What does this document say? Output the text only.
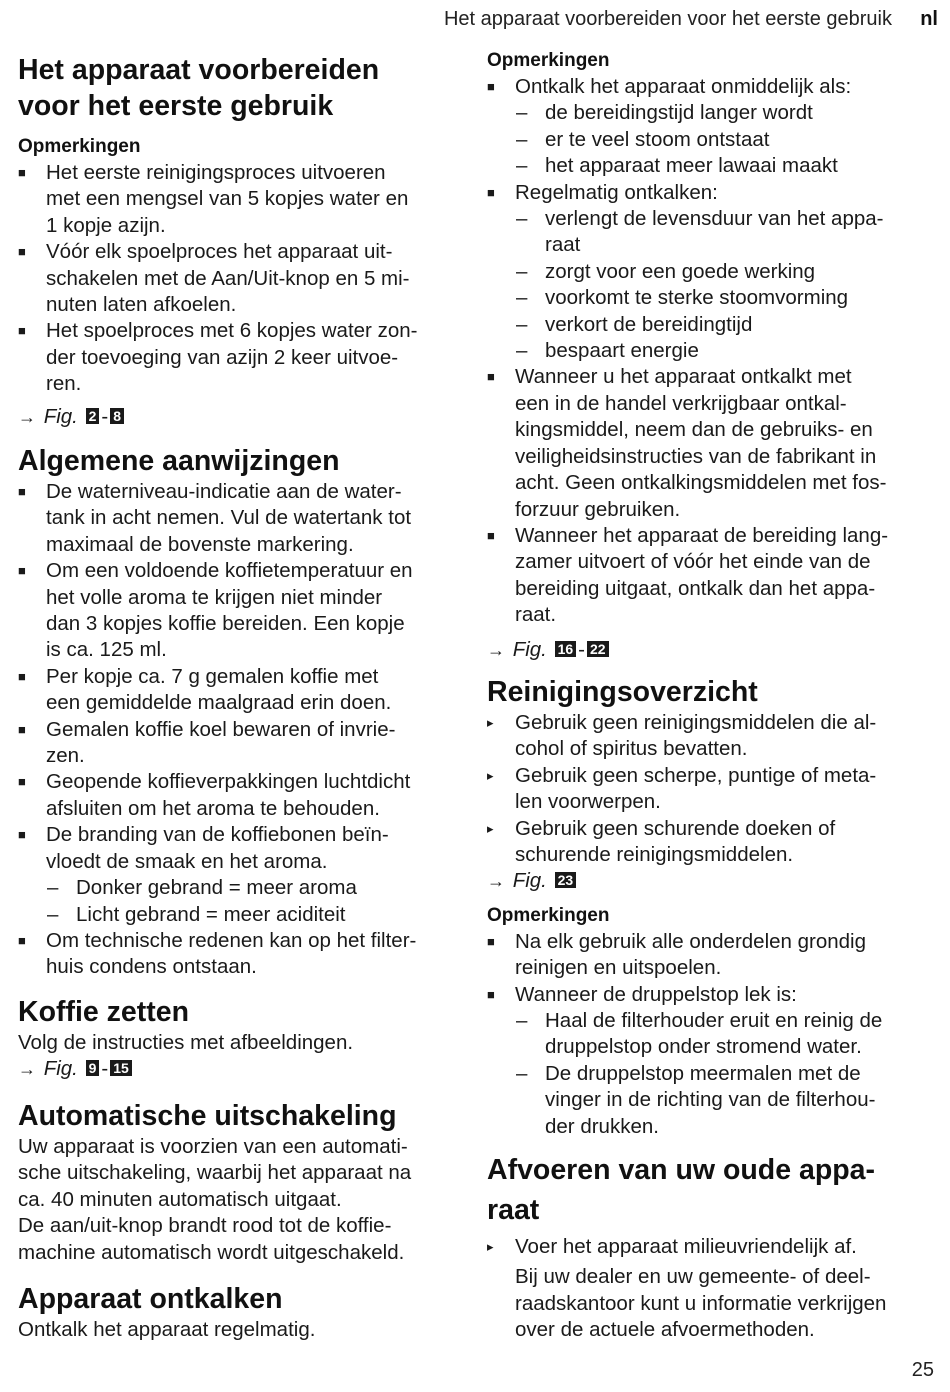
Het apparaat voorbereiden voor het eerste gebruik nl
Het apparaat voorbereiden
voor het eerste gebruik
Opmerkingen
■ Het eerste reinigingsproces uitvoeren
met een mengsel van 5 kopjes water en
1 kopje azijn.
■ Vóór elk spoelproces het apparaat uit-
schakelen met de Aan/Uit-knop en 5 mi-
nuten laten afkoelen.
■ Het spoelproces met 6 kopjes water zon-
der toevoeging van azijn 2 keer uitvoe-
ren.
→ Fig. 2 - 8
Algemene aanwijzingen
■ De waterniveau-indicatie aan de water-
tank in acht nemen. Vul de watertank tot
maximaal de bovenste markering.
■ Om een voldoende koffietemperatuur en
het volle aroma te krijgen niet minder
dan 3 kopjes koffie bereiden. Een kopje
is ca. 125 ml.
■ Per kopje ca. 7 g gemalen koffie met
een gemiddelde maalgraad erin doen.
■ Gemalen koffie koel bewaren of invrie-
zen.
■ Geopende koffieverpakkingen luchtdicht
afsluiten om het aroma te behouden.
■ De branding van de koffiebonen beïn-
vloedt de smaak en het aroma.
– Donker gebrand = meer aroma
– Licht gebrand = meer aciditeit
■ Om technische redenen kan op het filter-
huis condens ontstaan.
Koffie zetten

Volg de instructies met afbeeldingen.

→ Fig. 9 - 15
Automatische uitschakeling

Uw apparaat is voorzien van een automati-
sche uitschakeling, waarbij het apparaat na
ca. 40 minuten automatisch uitgaat.
De aan/uit-knop brandt rood tot de koffie-
machine automatisch wordt uitgeschakeld.

Apparaat ontkalken

Ontkalk het apparaat regelmatig.

Opmerkingen
■ Ontkalk het apparaat onmiddelijk als:
– de bereidingstijd langer wordt
– er te veel stoom ontstaat
– het apparaat meer lawaai maakt
■ Regelmatig ontkalken:
– verlengt de levensduur van het appa-
raat
– zorgt voor een goede werking
– voorkomt te sterke stoomvorming
– verkort de bereidingtijd
– bespaart energie
■ Wanneer u het apparaat ontkalkt met
een in de handel verkrijgbaar ontkal-
kingsmiddel, neem dan de gebruiks- en
veiligheidsinstructies van de fabrikant in
acht. Geen ontkalkingsmiddelen met fos-
forzuur gebruiken.
■ Wanneer het apparaat de bereiding lang-
zamer uitvoert of vóór het einde van de
bereiding uitgaat, ontkalk dan het appa-
raat.
→ Fig. 16 - 22
Reinigingsoverzicht
▸	Gebruik geen reinigingsmiddelen die al-
cohol of spiritus bevatten.
▸	Gebruik geen scherpe, puntige of meta-
len voorwerpen.
▸	Gebruik geen schurende doeken of
schurende reinigingsmiddelen.
→ Fig. 23
Opmerkingen
■ Na elk gebruik alle onderdelen grondig
reinigen en uitspoelen.
■ Wanneer de druppelstop lek is:
– Haal de filterhouder eruit en reinig de
druppelstop onder stromend water.
– De druppelstop meermalen met de
vinger in de richting van de filterhou-
der drukken.
Afvoeren van uw oude appa-
raat
▸	Voer het apparaat milieuvriendelijk af.

Bij uw dealer en uw gemeente- of deel-
raadskantoor kunt u informatie verkrijgen
over de actuele afvoermethoden.

25
